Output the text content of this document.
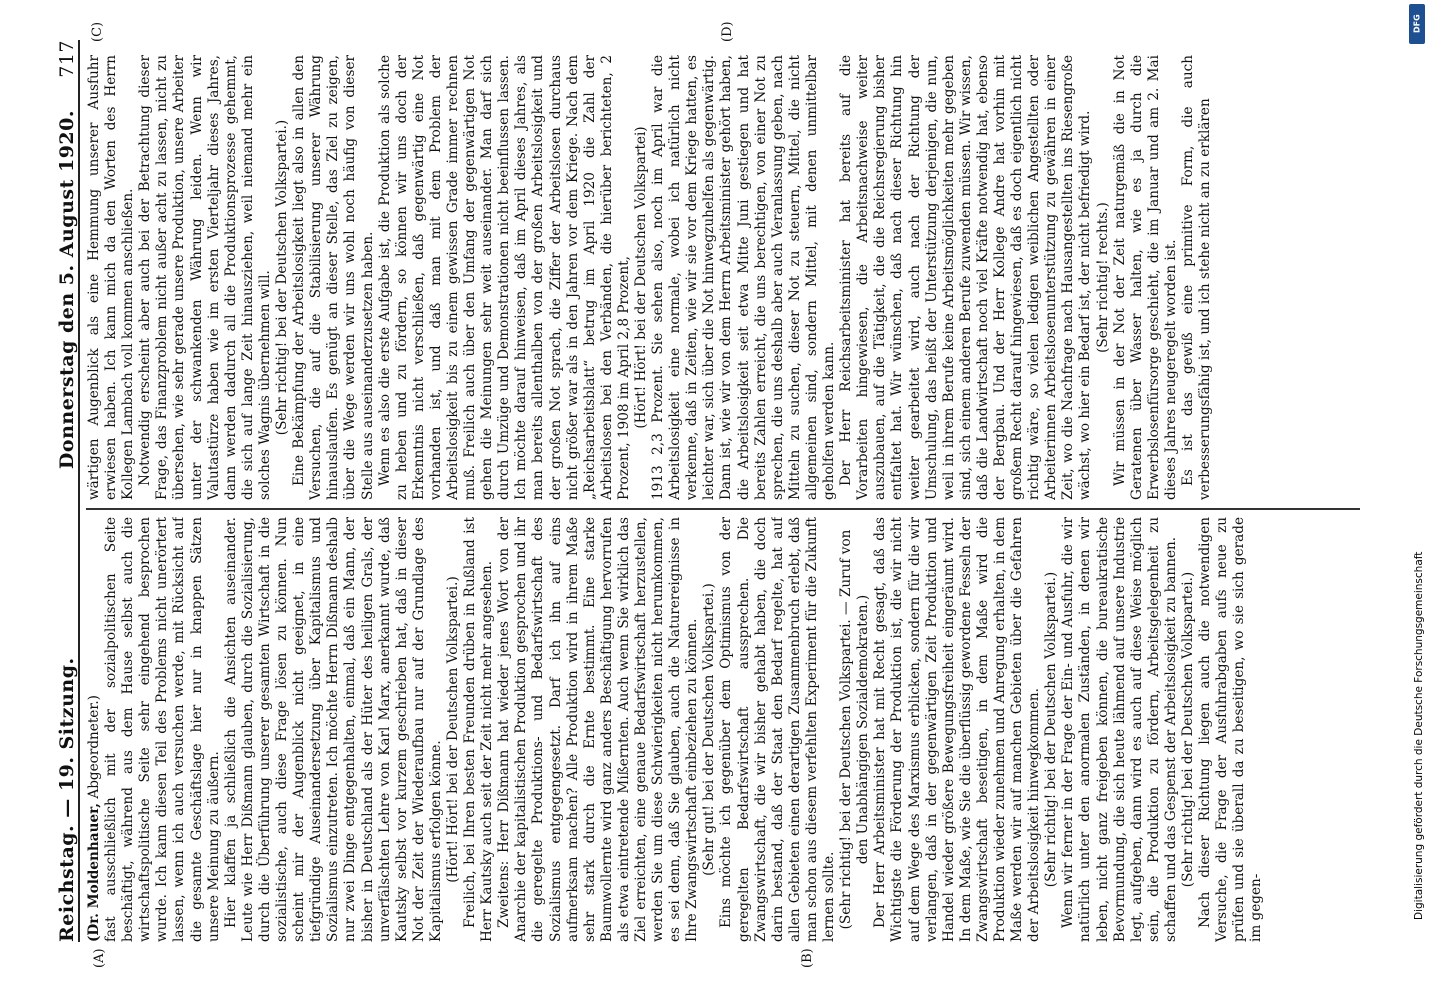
Reichstag. — 19. Sitzung.
Donnerstag den 5. August 1920.
717
(A)	(B)
(C)	(D)

(Dr. Moldenhauer, Abgeordneter.) fast ausschließlich mit der sozialpolitischen Seite beschäftigt, während aus dem Hause selbst auch die wirtschaftspolitische Seite sehr eingehend besprochen wurde. Ich kann diesen Teil des Problems nicht unerörtert lassen, wenn ich auch versuchen werde, mit Rücksicht auf die gesamte Geschäftslage hier nur in knappen Sätzen unsere Meinung zu äußern. Hier klaffen ja schließlich die Ansichten auseinander. Leute wie Herr Dißmann glauben, durch die Sozialisierung, durch die Überführung unserer gesamten Wirtschaft in die sozialistische, auch diese Frage lösen zu können. Nun scheint mir der Augenblick nicht geeignet, in eine tiefgründige Auseinandersetzung über Kapitalismus und Sozialismus einzutreten. Ich möchte Herrn Dißmann deshalb nur zwei Dinge entgegenhalten, einmal, daß ein Mann, der bisher in Deutschland als der Hüter des heiligen Grals, der unverfälschten Lehre von Karl Marx, anerkannt wurde, daß Kautsky selbst vor kurzem geschrieben hat, daß in dieser Not der Zeit der Wiederaufbau nur auf der Grundlage des Kapitalismus erfolgen könne. (Hört! Hört! bei der Deutschen Volkspartei.) Freilich, bei Ihren besten Freunden drüben in Rußland ist Herr Kautsky auch seit der Zeit nicht mehr angesehen. Zweitens: Herr Dißmann hat wieder jenes Wort von der Anarchie der kapitalistischen Produktion gesprochen und ihr die geregelte Produktions- und Bedarfswirtschaft des Sozialismus entgegengesetzt. Darf ich ihn auf eins aufmerksam machen? Alle Produktion wird in ihrem Maße sehr stark durch die Ernte bestimmt. Eine starke Baumwollernte wird ganz anders Beschäftigung hervorrufen als etwa eintretende Mißernten. Auch wenn Sie wirklich das Ziel erreichten, eine genaue Bedarfswirtschaft herzustellen, werden Sie um diese Schwierigkeiten nicht herumkommen, es sei denn, daß Sie glauben, auch die Naturereignisse in Ihre Zwangswirtschaft einbeziehen zu können. (Sehr gut! bei der Deutschen Volkspartei.) Eins möchte ich gegenüber dem Optimismus von der geregelten Bedarfswirtschaft aussprechen. Die Zwangswirtschaft, die wir bisher gehabt haben, die doch darin bestand, daß der Staat den Bedarf regelte, hat auf allen Gebieten einen derartigen Zusammenbruch erlebt, daß man schon aus diesem verfehlten Experiment für die Zukunft lernen sollte. (Sehr richtig! bei der Deutschen Volkspartei. — Zuruf von den Unabhängigen Sozialdemokraten.) Der Herr Arbeitsminister hat mit Recht gesagt, daß das Wichtigste die Förderung der Produktion ist, die wir nicht auf dem Wege des Marxismus erblicken, sondern für die wir verlangen, daß in der gegenwärtigen Zeit Produktion und Handel wieder größere Bewegungsfreiheit eingeräumt wird. In dem Maße, wie Sie die überflüssig gewordene Fesseln der Zwangswirtschaft beseitigen, in dem Maße wird die Produktion wieder zunehmen und Anregung erhalten, in dem Maße werden wir auf manchen Gebieten über die Gefahren der Arbeitslosigkeit hinwegkommen. (Sehr richtig! bei der Deutschen Volkspartei.) Wenn wir ferner in der Frage der Ein- und Ausfuhr, die wir natürlich unter den anormalen Zuständen, in denen wir leben, nicht ganz freigeben können, die bureaukratische Bevormundung, die sich heute lähmend auf unsere Industrie legt, aufgeben, dann wird es auch auf diese Weise möglich sein, die Produktion zu fördern, Arbeitsgelegenheit zu schaffen und das Gespenst der Arbeitslosigkeit zu bannen. (Sehr richtig! bei der Deutschen Volkspartei.) Nach dieser Richtung liegen auch die notwendigen Versuche, die Frage der Ausfuhrabgaben aufs neue zu prüfen und sie überall da zu beseitigen, wo sie sich gerade im gegen-

wärtigen Augenblick als eine Hemmung unserer Ausfuhr erwiesen haben. Ich kann mich da den Worten des Herrn Kollegen Lambach voll kommen anschließen. Notwendig erscheint aber auch bei der Betrachtung dieser Frage, das Finanzproblem nicht außer acht zu lassen, nicht zu übersehen, wie sehr gerade unsere Produktion, unsere Arbeiter unter der schwankenden Währung leiden. Wenn wir Valutastürze haben wie im ersten Vierteljahr dieses Jahres, dann werden dadurch all die Produktionsprozesse gehemmt, die sich auf lange Zeit hinausziehen, weil niemand mehr ein solches Wagnis übernehmen will. (Sehr richtig! bei der Deutschen Volkspartei.) Eine Bekämpfung der Arbeitslosigkeit liegt also in allen den Versuchen, die auf die Stabilisierung unserer Währung hinauslaufen. Es genügt an dieser Stelle, das Ziel zu zeigen, über die Wege werden wir uns wohl noch häufig von dieser Stelle aus auseinanderzusetzen haben. Wenn es also die erste Aufgabe ist, die Produktion als solche zu heben und zu fördern, so können wir uns doch der Erkenntnis nicht verschließen, daß gegenwärtig eine Not vorhanden ist, und daß man mit dem Problem der Arbeitslosigkeit bis zu einem gewissen Grade immer rechnen muß. Freilich auch über den Umfang der gegenwärtigen Not gehen die Meinungen sehr weit auseinander. Man darf sich durch Umzüge und Demonstrationen nicht beeinflussen lassen. Ich möchte darauf hinweisen, daß im April dieses Jahres, als man bereits allenthalben von der großen Arbeitslosigkeit und der großen Not sprach, die Ziffer der Arbeitslosen durchaus nicht größer war als in den Jahren vor dem Kriege. Nach dem „Reichsarbeitsblatt“ betrug im April 1920 die Zahl der Arbeitslosen bei den Verbänden, die hierüber berichteten, 2 Prozent, 1908 im April 2,8 Prozent, (Hört! Hört! bei der Deutschen Volkspartei) 1913 2,3 Prozent. Sie sehen also, noch im April war die Arbeitslosigkeit eine normale, wobei ich natürlich nicht verkenne, daß in Zeiten, wie wir sie vor dem Kriege hatten, es leichter war, sich über die Not hinwegzuhelfen als gegenwärtig. Dann ist, wie wir von dem Herrn Arbeitsminister gehört haben, die Arbeitslosigkeit seit etwa Mitte Juni gestiegen und hat bereits Zahlen erreicht, die uns berechtigen, von einer Not zu sprechen, die uns deshalb aber auch Veranlassung geben, nach Mitteln zu suchen, dieser Not zu steuern, Mittel, die nicht allgemeinen sind, sondern Mittel, mit denen unmittelbar geholfen werden kann. Der Herr Reichsarbeitsminister hat bereits auf die Vorarbeiten hingewiesen, die Arbeitsnachweise weiter auszubauen, auf die Tätigkeit, die die Reichsregierung bisher entfaltet hat. Wir wünschen, daß nach dieser Richtung hin weiter gearbeitet wird, auch nach der Richtung der Umschulung, das heißt der Unterstützung derjenigen, die nun, weil in ihrem Berufe keine Arbeitsmöglichkeiten mehr gegeben sind, sich einem anderen Berufe zuwenden müssen. Wir wissen, daß die Landwirtschaft noch viel Kräfte notwendig hat, ebenso der Bergbau. Und der Herr Kollege Andre hat vorhin mit großem Recht darauf hingewiesen, daß es doch eigentlich nicht richtig wäre, so vielen ledigen weiblichen Angestellten oder Arbeiterinnen Arbeitslosenunterstützung zu gewähren in einer Zeit, wo die Nachfrage nach Hausangestellten ins Riesengroße wächst, wo hier ein Bedarf ist, der nicht befriedigt wird. (Sehr richtig! rechts.) Wir müssen in der Not der Zeit naturgemäß die in Not Geratenen über Wasser halten, wie es ja durch die Erwerbslosenfürsorge geschieht, die im Januar und am 2. Mai dieses Jahres neugeregelt worden ist. Es ist das gewiß eine primitive Form, die auch verbesserungsfähig ist, und ich stehe nicht an zu erklären

Digitalisierung gefördert durch die Deutsche Forschungsgemeinschaft
DFG
